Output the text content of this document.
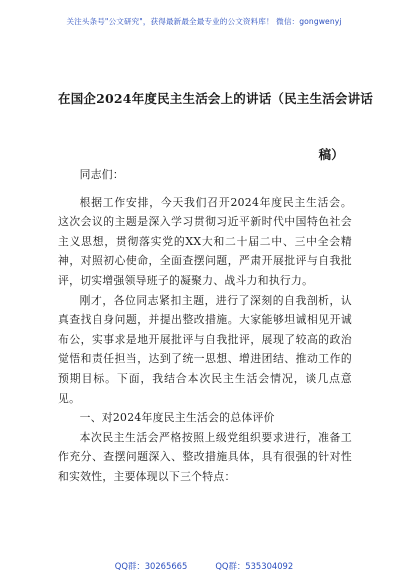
关注头条号"公文研究"，获得最新最全最专业的公文资料库！ 微信：gongwenyj
在国企2024年度民主生活会上的讲话（民主生活会讲话
稿）

同志们：

根据工作安排，今天我们召开2024年度民主生活会。这次会议的主题是深入学习贯彻习近平新时代中国特色社会主义思想，贯彻落实党的XX大和二十届二中、三中全会精神，对照初心使命，全面查摆问题，严肃开展批评与自我批评，切实增强领导班子的凝聚力、战斗力和执行力。

刚才，各位同志紧扣主题，进行了深刻的自我剖析，认真查找自身问题，并提出整改措施。大家能够坦诚相见开诚布公，实事求是地开展批评与自我批评，展现了较高的政治觉悟和责任担当，达到了统一思想、增进团结、推动工作的预期目标。下面，我结合本次民主生活会情况，谈几点意见。

一、对2024年度民主生活会的总体评价

本次民主生活会严格按照上级党组织要求进行，准备工作充分、查摆问题深入、整改措施具体，具有很强的针对性和实效性，主要体现以下三个特点：

QQ群：30265665	QQ群：535304092
